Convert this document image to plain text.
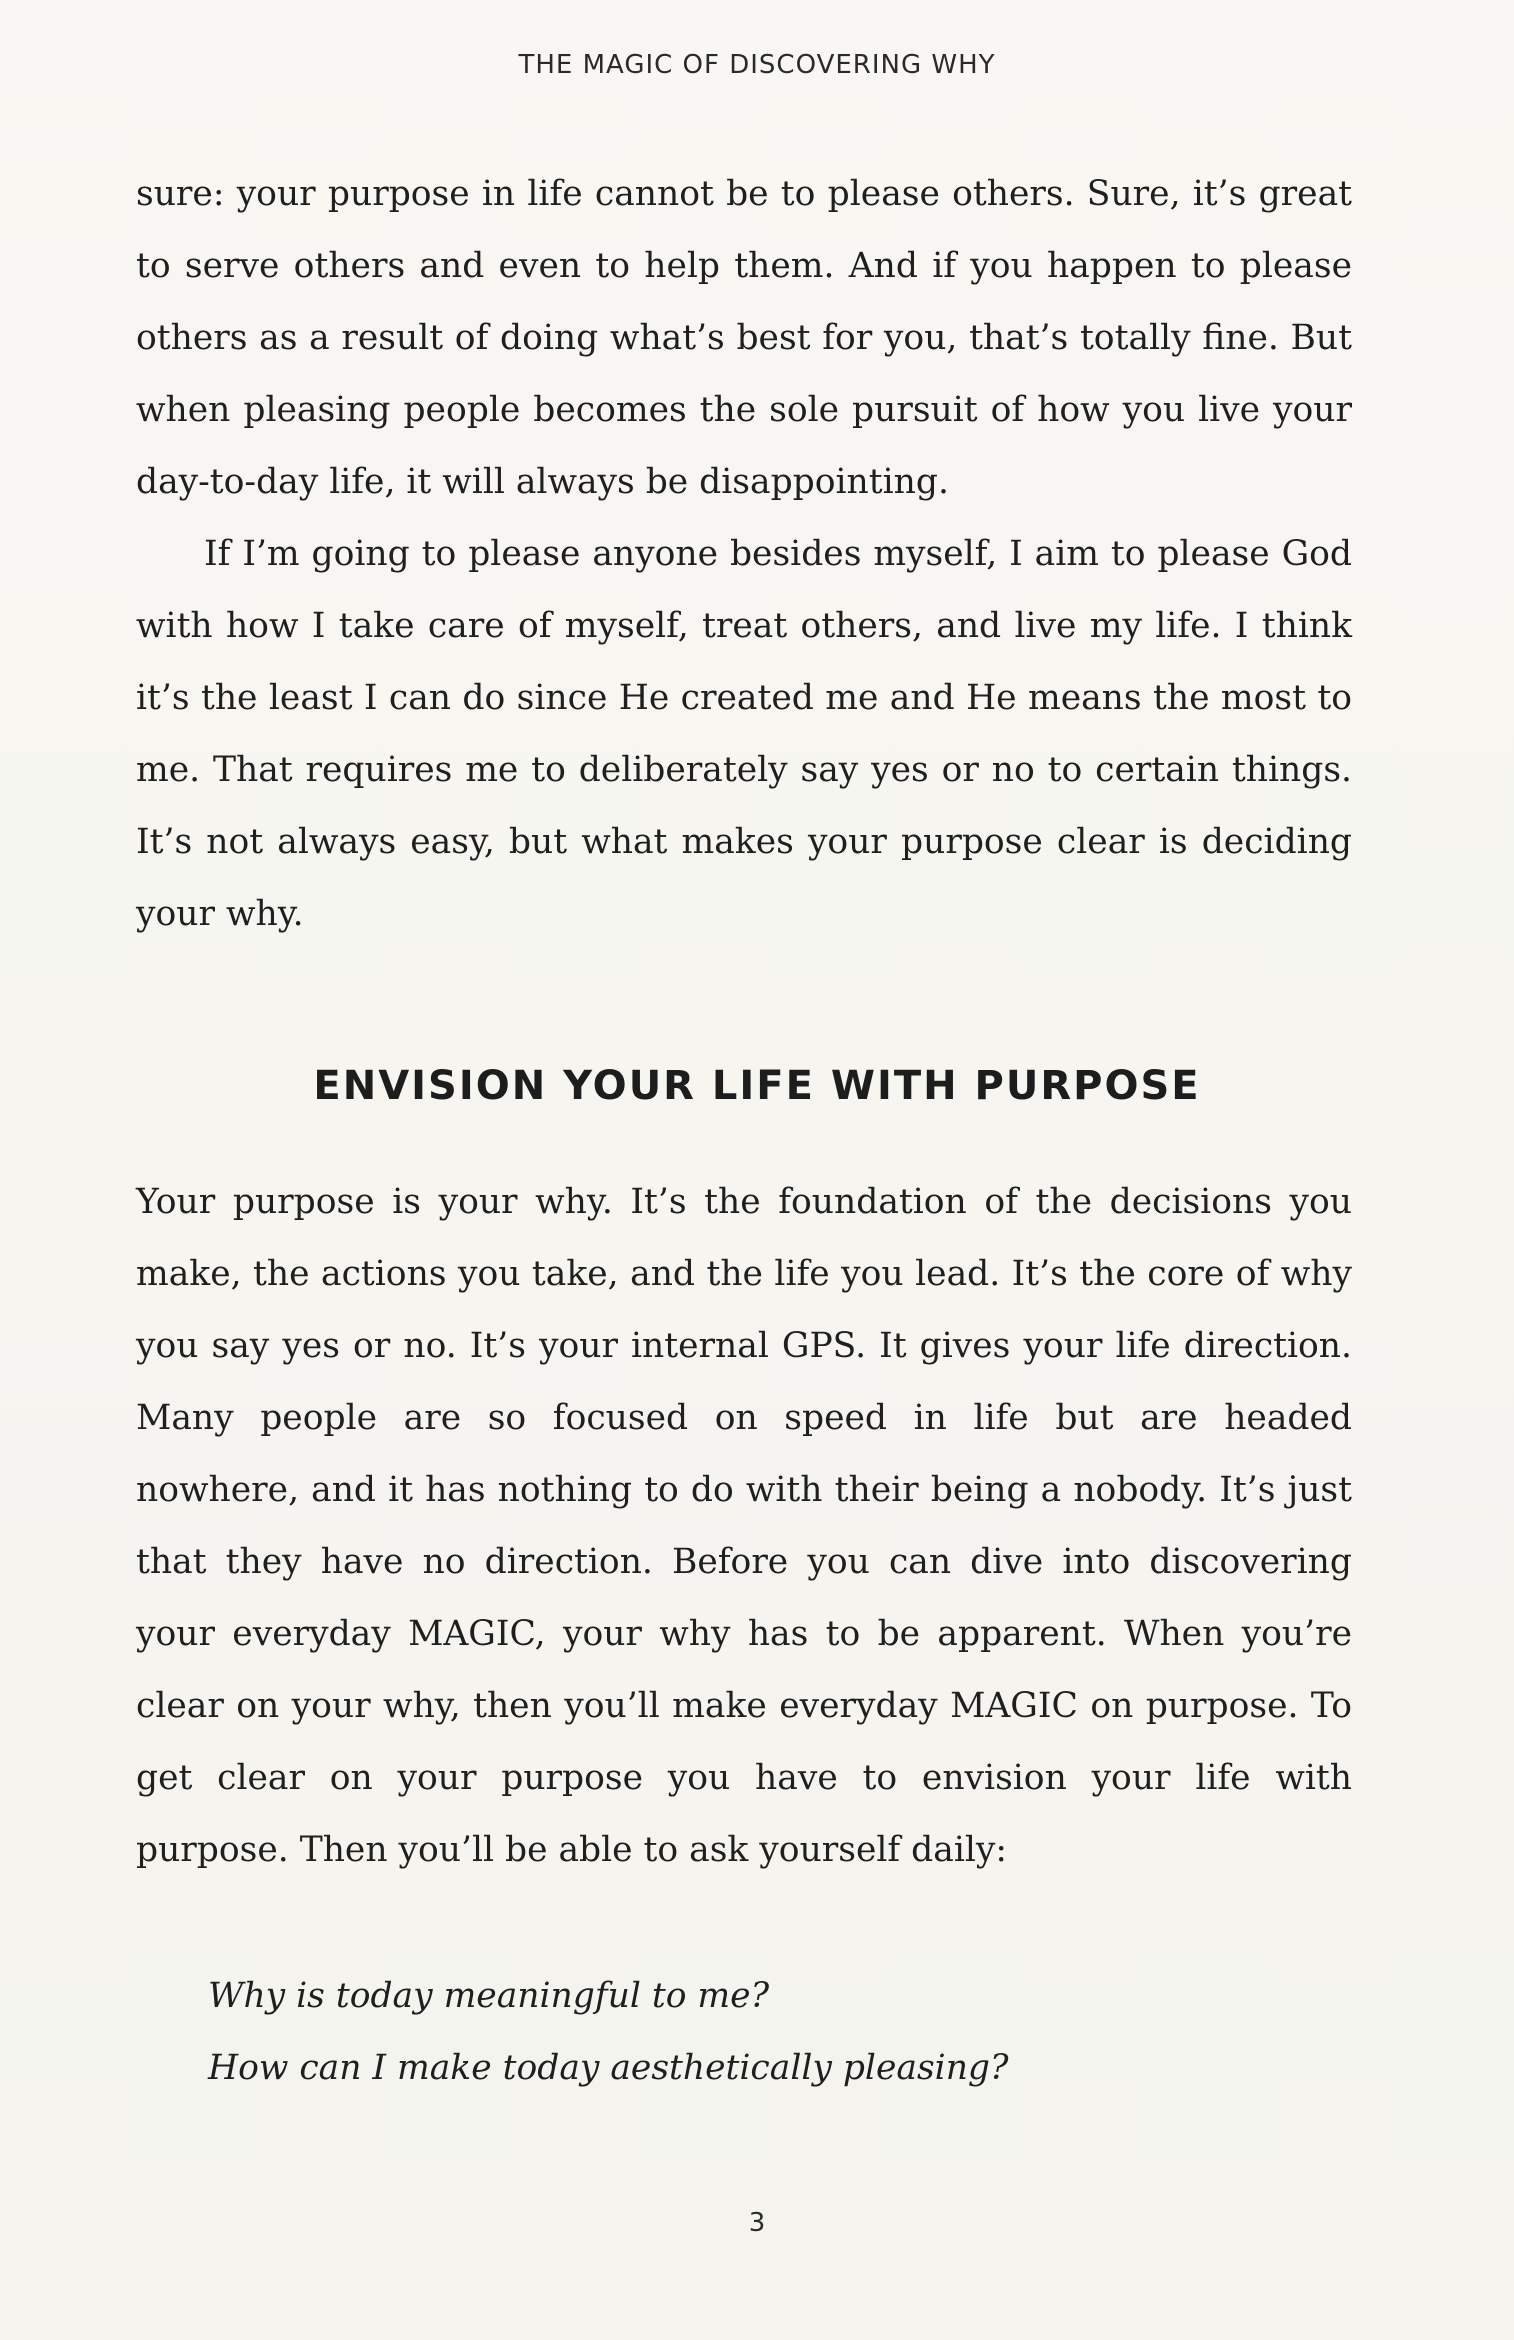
THE MAGIC OF DISCOVERING WHY

sure: your purpose in life cannot be to please others. Sure, it’s great to serve others and even to help them. And if you happen to please others as a result of doing what’s best for you, that’s totally fine. But when pleasing people becomes the sole pursuit of how you live your day-to-day life, it will always be disappointing.

If I’m going to please anyone besides myself, I aim to please God with how I take care of myself, treat others, and live my life. I think it’s the least I can do since He created me and He means the most to me. That requires me to deliberately say yes or no to certain things. It’s not always easy, but what makes your purpose clear is deciding your why.

ENVISION YOUR LIFE WITH PURPOSE

Your purpose is your why. It’s the foundation of the decisions you make, the actions you take, and the life you lead. It’s the core of why you say yes or no. It’s your internal GPS. It gives your life direction. Many people are so focused on speed in life but are headed nowhere, and it has nothing to do with their being a nobody. It’s just that they have no direction. Before you can dive into discovering your everyday MAGIC, your why has to be apparent. When you’re clear on your why, then you’ll make everyday MAGIC on purpose. To get clear on your purpose you have to envision your life with purpose. Then you’ll be able to ask yourself daily:

Why is today meaningful to me?
How can I make today aesthetically pleasing?
3
